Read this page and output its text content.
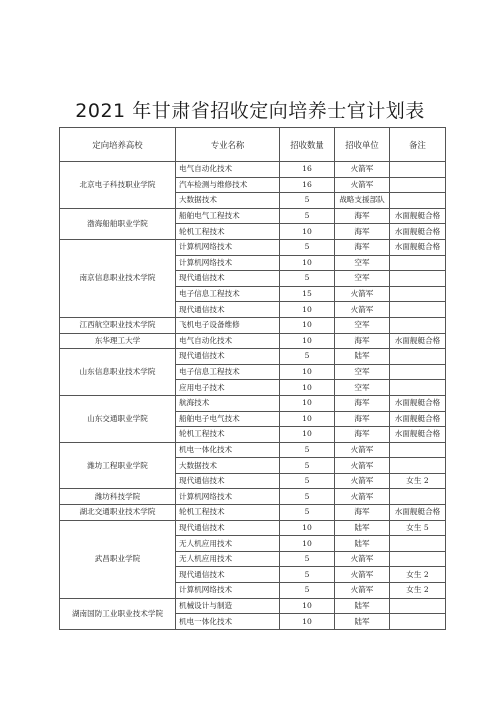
2021 年甘肃省招收定向培养士官计划表
定向培养高校	专业名称	招收数量	招收单位	备注
北京电子科技职业学院	电气自动化技术	16	火箭军	
	汽车检测与维修技术	16	火箭军	
	大数据技术	5	战略支援部队	
渤海船舶职业学院	船舶电气工程技术	5	海军	水面舰艇合格
	轮机工程技术	10	海军	水面舰艇合格
南京信息职业技术学院	计算机网络技术	5	海军	水面舰艇合格
	计算机网络技术	10	空军	
	现代通信技术	5	空军	
	电子信息工程技术	15	火箭军	
	现代通信技术	10	火箭军	
江西航空职业技术学院	飞机电子设备维修	10	空军	
东华理工大学	电气自动化技术	10	海军	水面舰艇合格
山东信息职业技术学院	现代通信技术	5	陆军	
	电子信息工程技术	10	空军	
	应用电子技术	10	空军	
山东交通职业学院	航海技术	10	海军	水面舰艇合格
	船舶电子电气技术	10	海军	水面舰艇合格
	轮机工程技术	10	海军	水面舰艇合格
潍坊工程职业学院	机电一体化技术	5	火箭军	
	大数据技术	5	火箭军	
	现代通信技术	5	火箭军	女生 2
潍坊科技学院	计算机网络技术	5	火箭军	
湖北交通职业技术学院	轮机工程技术	5	海军	水面舰艇合格
武昌职业学院	现代通信技术	10	陆军	女生 5
	无人机应用技术	10	陆军	
	无人机应用技术	5	火箭军	
	现代通信技术	5	火箭军	女生 2
	计算机网络技术	5	火箭军	女生 2
湖南国防工业职业技术学院	机械设计与制造	10	陆军	
	机电一体化技术	10	陆军	
